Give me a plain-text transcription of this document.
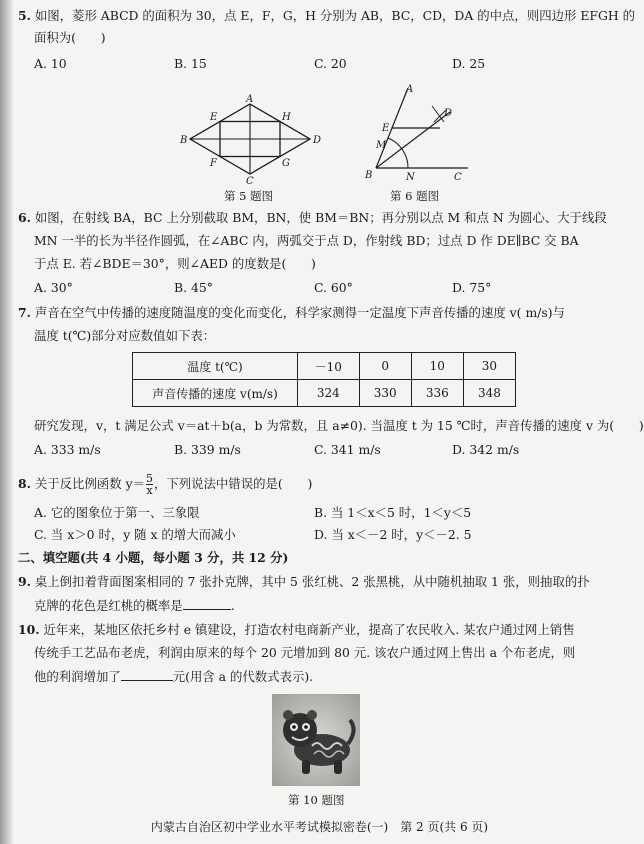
5. 如图，菱形 ABCD 的面积为 30，点 E，F，G，H 分别为 AB，BC，CD，DA 的中点，则四边形 EFGH 的
面积为(　　)
A. 10	B. 15	C. 20	D. 25
A
B
C
D
E
F	G
H
第 5 题图
A
E
D
M
B	N	C
第 6 题图
6. 如图，在射线 BA，BC 上分别截取 BM，BN，使 BM＝BN；再分别以点 M 和点 N 为圆心、大于线段
MN 一半的长为半径作圆弧，在∠ABC 内，两弧交于点 D，作射线 BD；过点 D 作 DE∥BC 交 BA
于点 E. 若∠BDE＝30°，则∠AED 的度数是(　　)
A. 30°	B. 45°	C. 60°	D. 75°
7. 声音在空气中传播的速度随温度的变化而变化，科学家测得一定温度下声音传播的速度 v( m/s)与
温度 t(℃)部分对应数值如下表：
温度 t(℃)	－10	0	10	30
声音传播的速度 v(m/s)	324	330	336	348
研究发现，v，t 满足公式 v＝at＋b(a，b 为常数，且 a≠0). 当温度 t 为 15 ℃时，声音传播的速度 v 为(　　)
A. 333 m/s	B. 339 m/s	C. 341 m/s	D. 342 m/s
8. 关于反比例函数 $y= \frac{5}{x}$ ，下列说法中错误的是(　　)
A. 它的图象位于第一、三象限	B. 当 1＜x＜5 时，1＜y＜5
C. 当 x＞0 时，y 随 x 的增大而减小	D. 当 x＜－2 时，y＜－2. 5
二、填空题(共 4 小题，每小题 3 分，共 12 分)
9. 桌上倒扣着背面图案相同的 7 张扑克牌，其中 5 张红桃、2 张黑桃，从中随机抽取 1 张，则抽取的扑
克牌的花色是红桃的概率是	.
10. 近年来，某地区依托乡村 e 镇建设，打造农村电商新产业，提高了农民收入. 某农户通过网上销售
传统手工艺品布老虎，利润由原来的每个 20 元增加到 80 元. 该农户通过网上售出 a 个布老虎，则
他的利润增加了	元(用含 a 的代数式表示).
第 10 题图
内蒙古自治区初中学业水平考试模拟密卷(一)　第 2 页(共 6 页)
